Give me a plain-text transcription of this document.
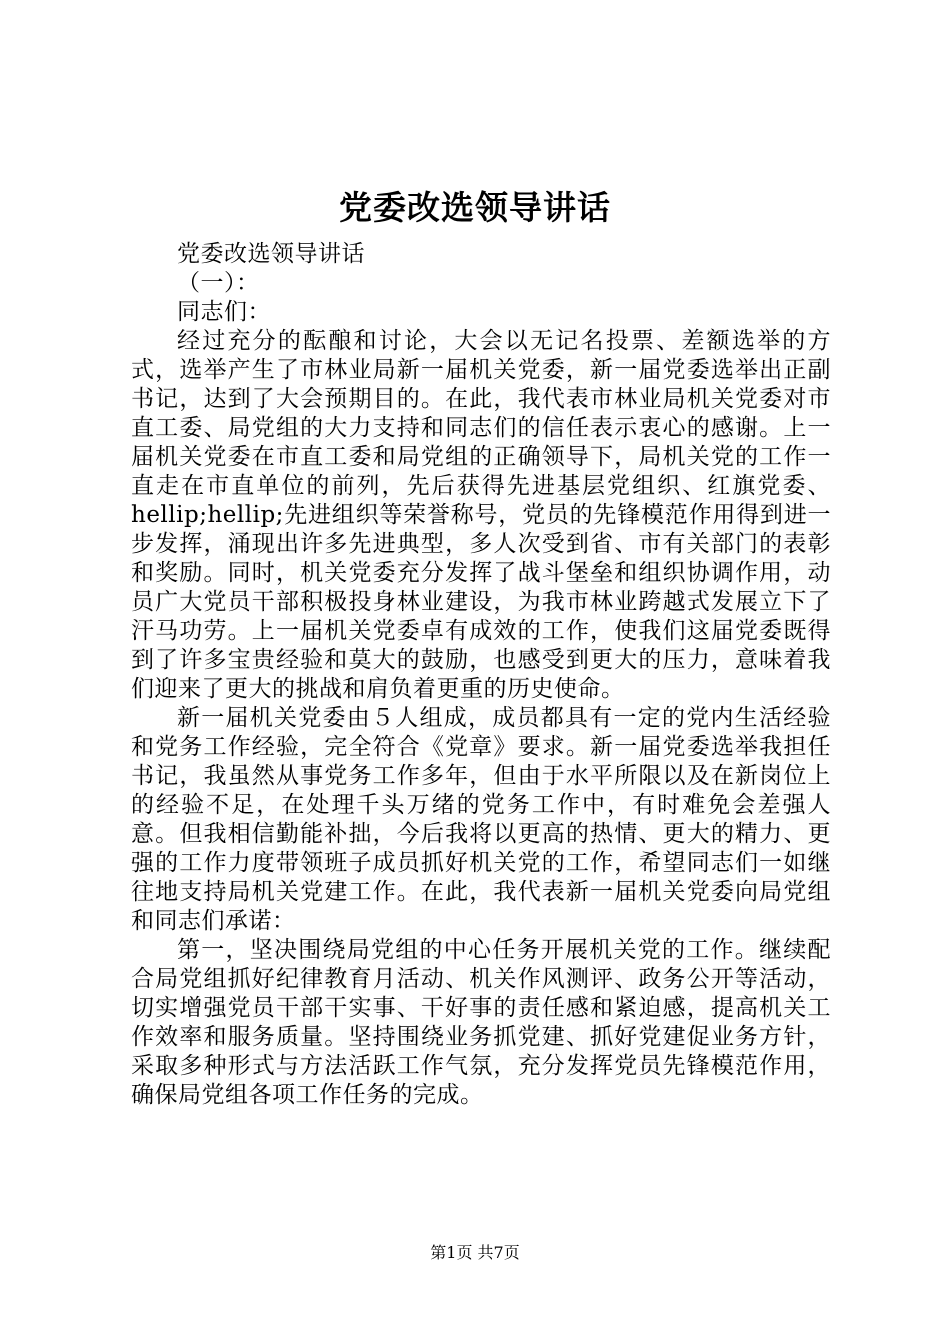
党委改选领导讲话

党委改选领导讲话

（一）：

同志们：

经过充分的酝酿和讨论，大会以无记名投票、差额选举的方式，选举产生了市林业局新一届机关党委，新一届党委选举出正副书记，达到了大会预期目的。在此，我代表市林业局机关党委对市直工委、局党组的大力支持和同志们的信任表示衷心的感谢。上一届机关党委在市直工委和局党组的正确领导下，局机关党的工作一直走在市直单位的前列，先后获得先进基层党组织、红旗党委、hellip;hellip;先进组织等荣誉称号，党员的先锋模范作用得到进一步发挥，涌现出许多先进典型，多人次受到省、市有关部门的表彰和奖励。同时，机关党委充分发挥了战斗堡垒和组织协调作用，动员广大党员干部积极投身林业建设，为我市林业跨越式发展立下了汗马功劳。上一届机关党委卓有成效的工作，使我们这届党委既得到了许多宝贵经验和莫大的鼓励，也感受到更大的压力，意味着我们迎来了更大的挑战和肩负着更重的历史使命。

新一届机关党委由５人组成，成员都具有一定的党内生活经验和党务工作经验，完全符合《党章》要求。新一届党委选举我担任书记，我虽然从事党务工作多年，但由于水平所限以及在新岗位上的经验不足，在处理千头万绪的党务工作中，有时难免会差强人意。但我相信勤能补拙，今后我将以更高的热情、更大的精力、更强的工作力度带领班子成员抓好机关党的工作，希望同志们一如继往地支持局机关党建工作。在此，我代表新一届机关党委向局党组和同志们承诺：

第一，坚决围绕局党组的中心任务开展机关党的工作。继续配合局党组抓好纪律教育月活动、机关作风测评、政务公开等活动，切实增强党员干部干实事、干好事的责任感和紧迫感，提高机关工作效率和服务质量。坚持围绕业务抓党建、抓好党建促业务方针，采取多种形式与方法活跃工作气氛，充分发挥党员先锋模范作用，确保局党组各项工作任务的完成。

第1页 共7页
